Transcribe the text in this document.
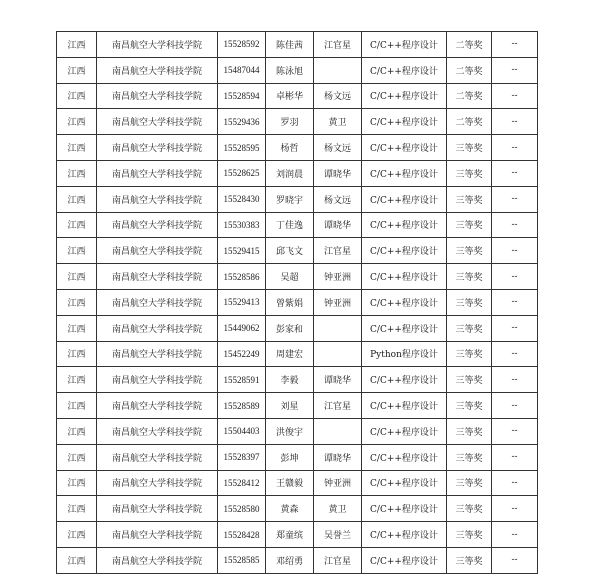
江西	南昌航空大学科技学院	15528592	陈佳茜	江官星	C/C++程序设计	二等奖	--
江西	南昌航空大学科技学院	15487044	陈泳旭		C/C++程序设计	二等奖	--
江西	南昌航空大学科技学院	15528594	卓彬华	杨文远	C/C++程序设计	二等奖	--
江西	南昌航空大学科技学院	15529436	罗羽	黄卫	C/C++程序设计	二等奖	--
江西	南昌航空大学科技学院	15528595	杨哲	杨文远	C/C++程序设计	三等奖	--
江西	南昌航空大学科技学院	15528625	刘润晨	谭晓华	C/C++程序设计	三等奖	--
江西	南昌航空大学科技学院	15528430	罗晓宇	杨文远	C/C++程序设计	三等奖	--
江西	南昌航空大学科技学院	15530383	丁佳逸	谭晓华	C/C++程序设计	三等奖	--
江西	南昌航空大学科技学院	15529415	邱飞文	江官星	C/C++程序设计	三等奖	--
江西	南昌航空大学科技学院	15528586	吴超	钟亚洲	C/C++程序设计	三等奖	--
江西	南昌航空大学科技学院	15529413	曾紫娟	钟亚洲	C/C++程序设计	三等奖	--
江西	南昌航空大学科技学院	15449062	彭家和		C/C++程序设计	三等奖	--
江西	南昌航空大学科技学院	15452249	周建宏		Python程序设计	三等奖	--
江西	南昌航空大学科技学院	15528591	李毅	谭晓华	C/C++程序设计	三等奖	--
江西	南昌航空大学科技学院	15528589	刘星	江官星	C/C++程序设计	三等奖	--
江西	南昌航空大学科技学院	15504403	洪俊宇		C/C++程序设计	三等奖	--
江西	南昌航空大学科技学院	15528397	彭坤	谭晓华	C/C++程序设计	三等奖	--
江西	南昌航空大学科技学院	15528412	王赣毅	钟亚洲	C/C++程序设计	三等奖	--
江西	南昌航空大学科技学院	15528580	黄森	黄卫	C/C++程序设计	三等奖	--
江西	南昌航空大学科技学院	15528428	郑童缤	吴誉兰	C/C++程序设计	三等奖	--
江西	南昌航空大学科技学院	15528585	邓绍勇	江官星	C/C++程序设计	三等奖	--
